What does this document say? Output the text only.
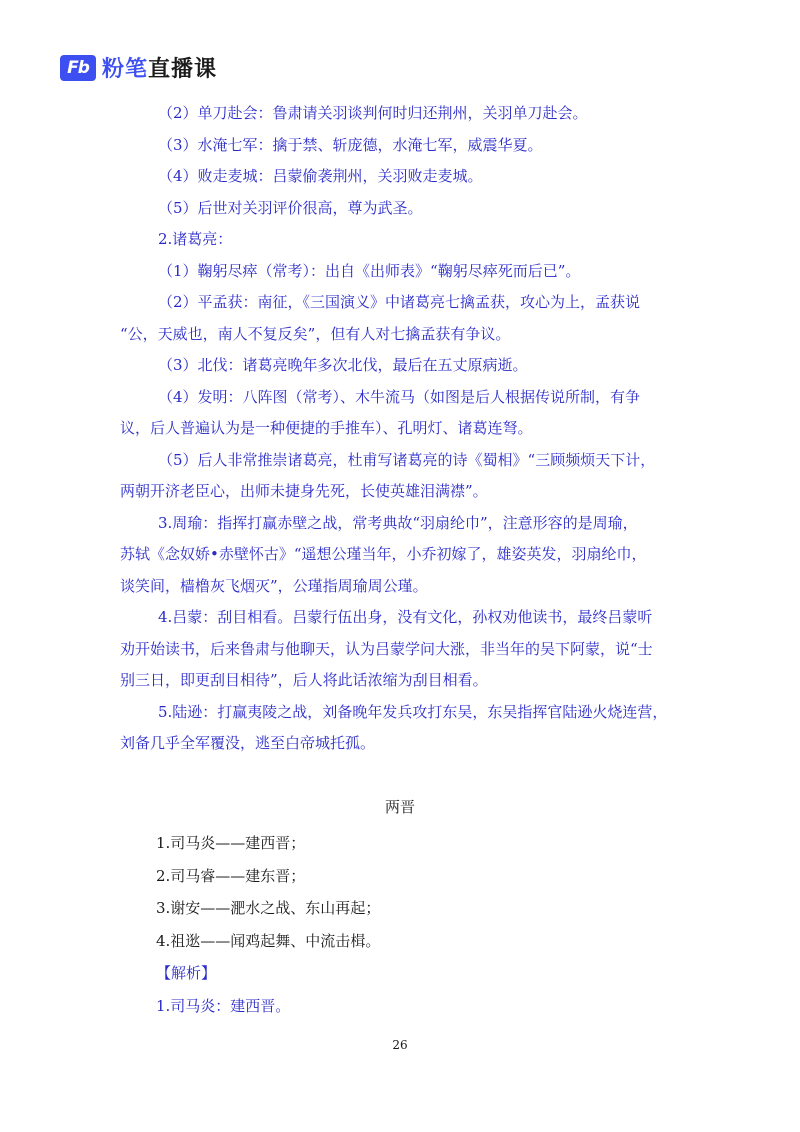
Fb 粉笔直播课

（2）单刀赴会：鲁肃请关羽谈判何时归还荆州，关羽单刀赴会。

（3）水淹七军：擒于禁、斩庞德，水淹七军，威震华夏。

（4）败走麦城：吕蒙偷袭荆州，关羽败走麦城。

（5）后世对关羽评价很高，尊为武圣。

2.诸葛亮：

（1）鞠躬尽瘁（常考）：出自《出师表》“鞠躬尽瘁死而后已”。

（2）平孟获：南征，《三国演义》中诸葛亮七擒孟获，攻心为上，孟获说

“公，天威也，南人不复反矣”，但有人对七擒孟获有争议。

（3）北伐：诸葛亮晚年多次北伐，最后在五丈原病逝。

（4）发明：八阵图（常考）、木牛流马（如图是后人根据传说所制，有争

议，后人普遍认为是一种便捷的手推车）、孔明灯、诸葛连弩。

（5）后人非常推崇诸葛亮，杜甫写诸葛亮的诗《蜀相》“三顾频烦天下计，

两朝开济老臣心，出师未捷身先死，长使英雄泪满襟”。

3.周瑜：指挥打赢赤壁之战，常考典故“羽扇纶巾”，注意形容的是周瑜，

苏轼《念奴娇•赤壁怀古》“遥想公瑾当年，小乔初嫁了，雄姿英发，羽扇纶巾，

谈笑间，樯橹灰飞烟灭”，公瑾指周瑜周公瑾。

4.吕蒙：刮目相看。吕蒙行伍出身，没有文化，孙权劝他读书，最终吕蒙听

劝开始读书，后来鲁肃与他聊天，认为吕蒙学问大涨，非当年的吴下阿蒙，说“士

别三日，即更刮目相待”，后人将此话浓缩为刮目相看。

5.陆逊：打赢夷陵之战，刘备晚年发兵攻打东吴，东吴指挥官陆逊火烧连营，

刘备几乎全军覆没，逃至白帝城托孤。

两晋

1.司马炎——建西晋；

2.司马睿——建东晋；

3.谢安——淝水之战、东山再起；

4.祖逖——闻鸡起舞、中流击楫。

【解析】

1.司马炎：建西晋。

26
